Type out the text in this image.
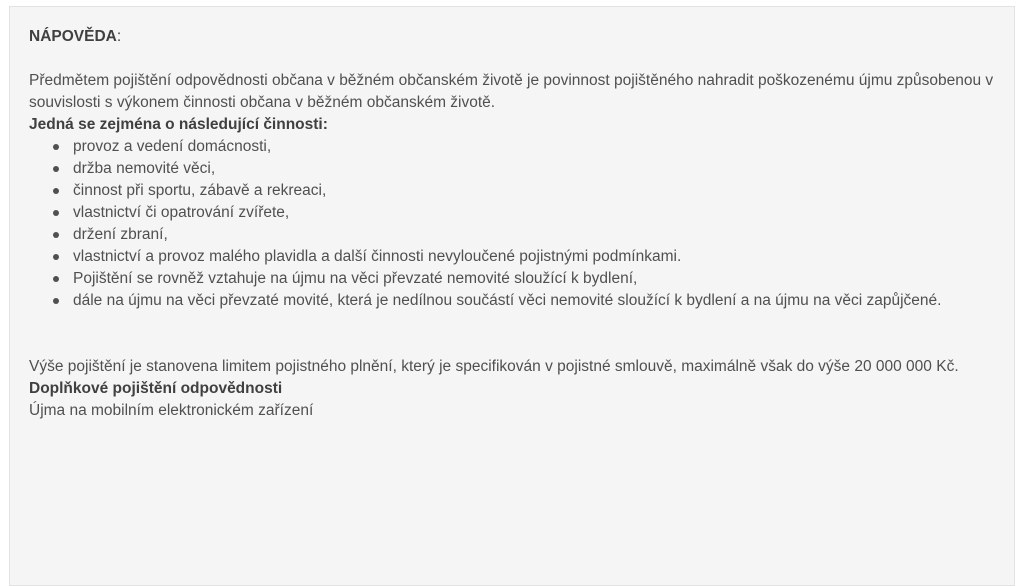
NÁPOVĚDA:

Předmětem pojištění odpovědnosti občana v běžném občanském životě je povinnost pojištěného nahradit poškozenému újmu způsobenou v souvislosti s výkonem činnosti občana v běžném občanském životě.

Jedná se zejména o následující činnosti:

provoz a vedení domácnosti,
držba nemovité věci,
činnost při sportu, zábavě a rekreaci,
vlastnictví či opatrování zvířete,
držení zbraní,
vlastnictví a provoz malého plavidla a další činnosti nevyloučené pojistnými podmínkami.
Pojištění se rovněž vztahuje na újmu na věci převzaté nemovité sloužící k bydlení,
dále na újmu na věci převzaté movité, která je nedílnou součástí věci nemovité sloužící k bydlení a na újmu na věci zapůjčené.

Výše pojištění je stanovena limitem pojistného plnění, který je specifikován v pojistné smlouvě, maximálně však do výše 20 000 000 Kč.

Doplňkové pojištění odpovědnosti

Újma na mobilním elektronickém zařízení
